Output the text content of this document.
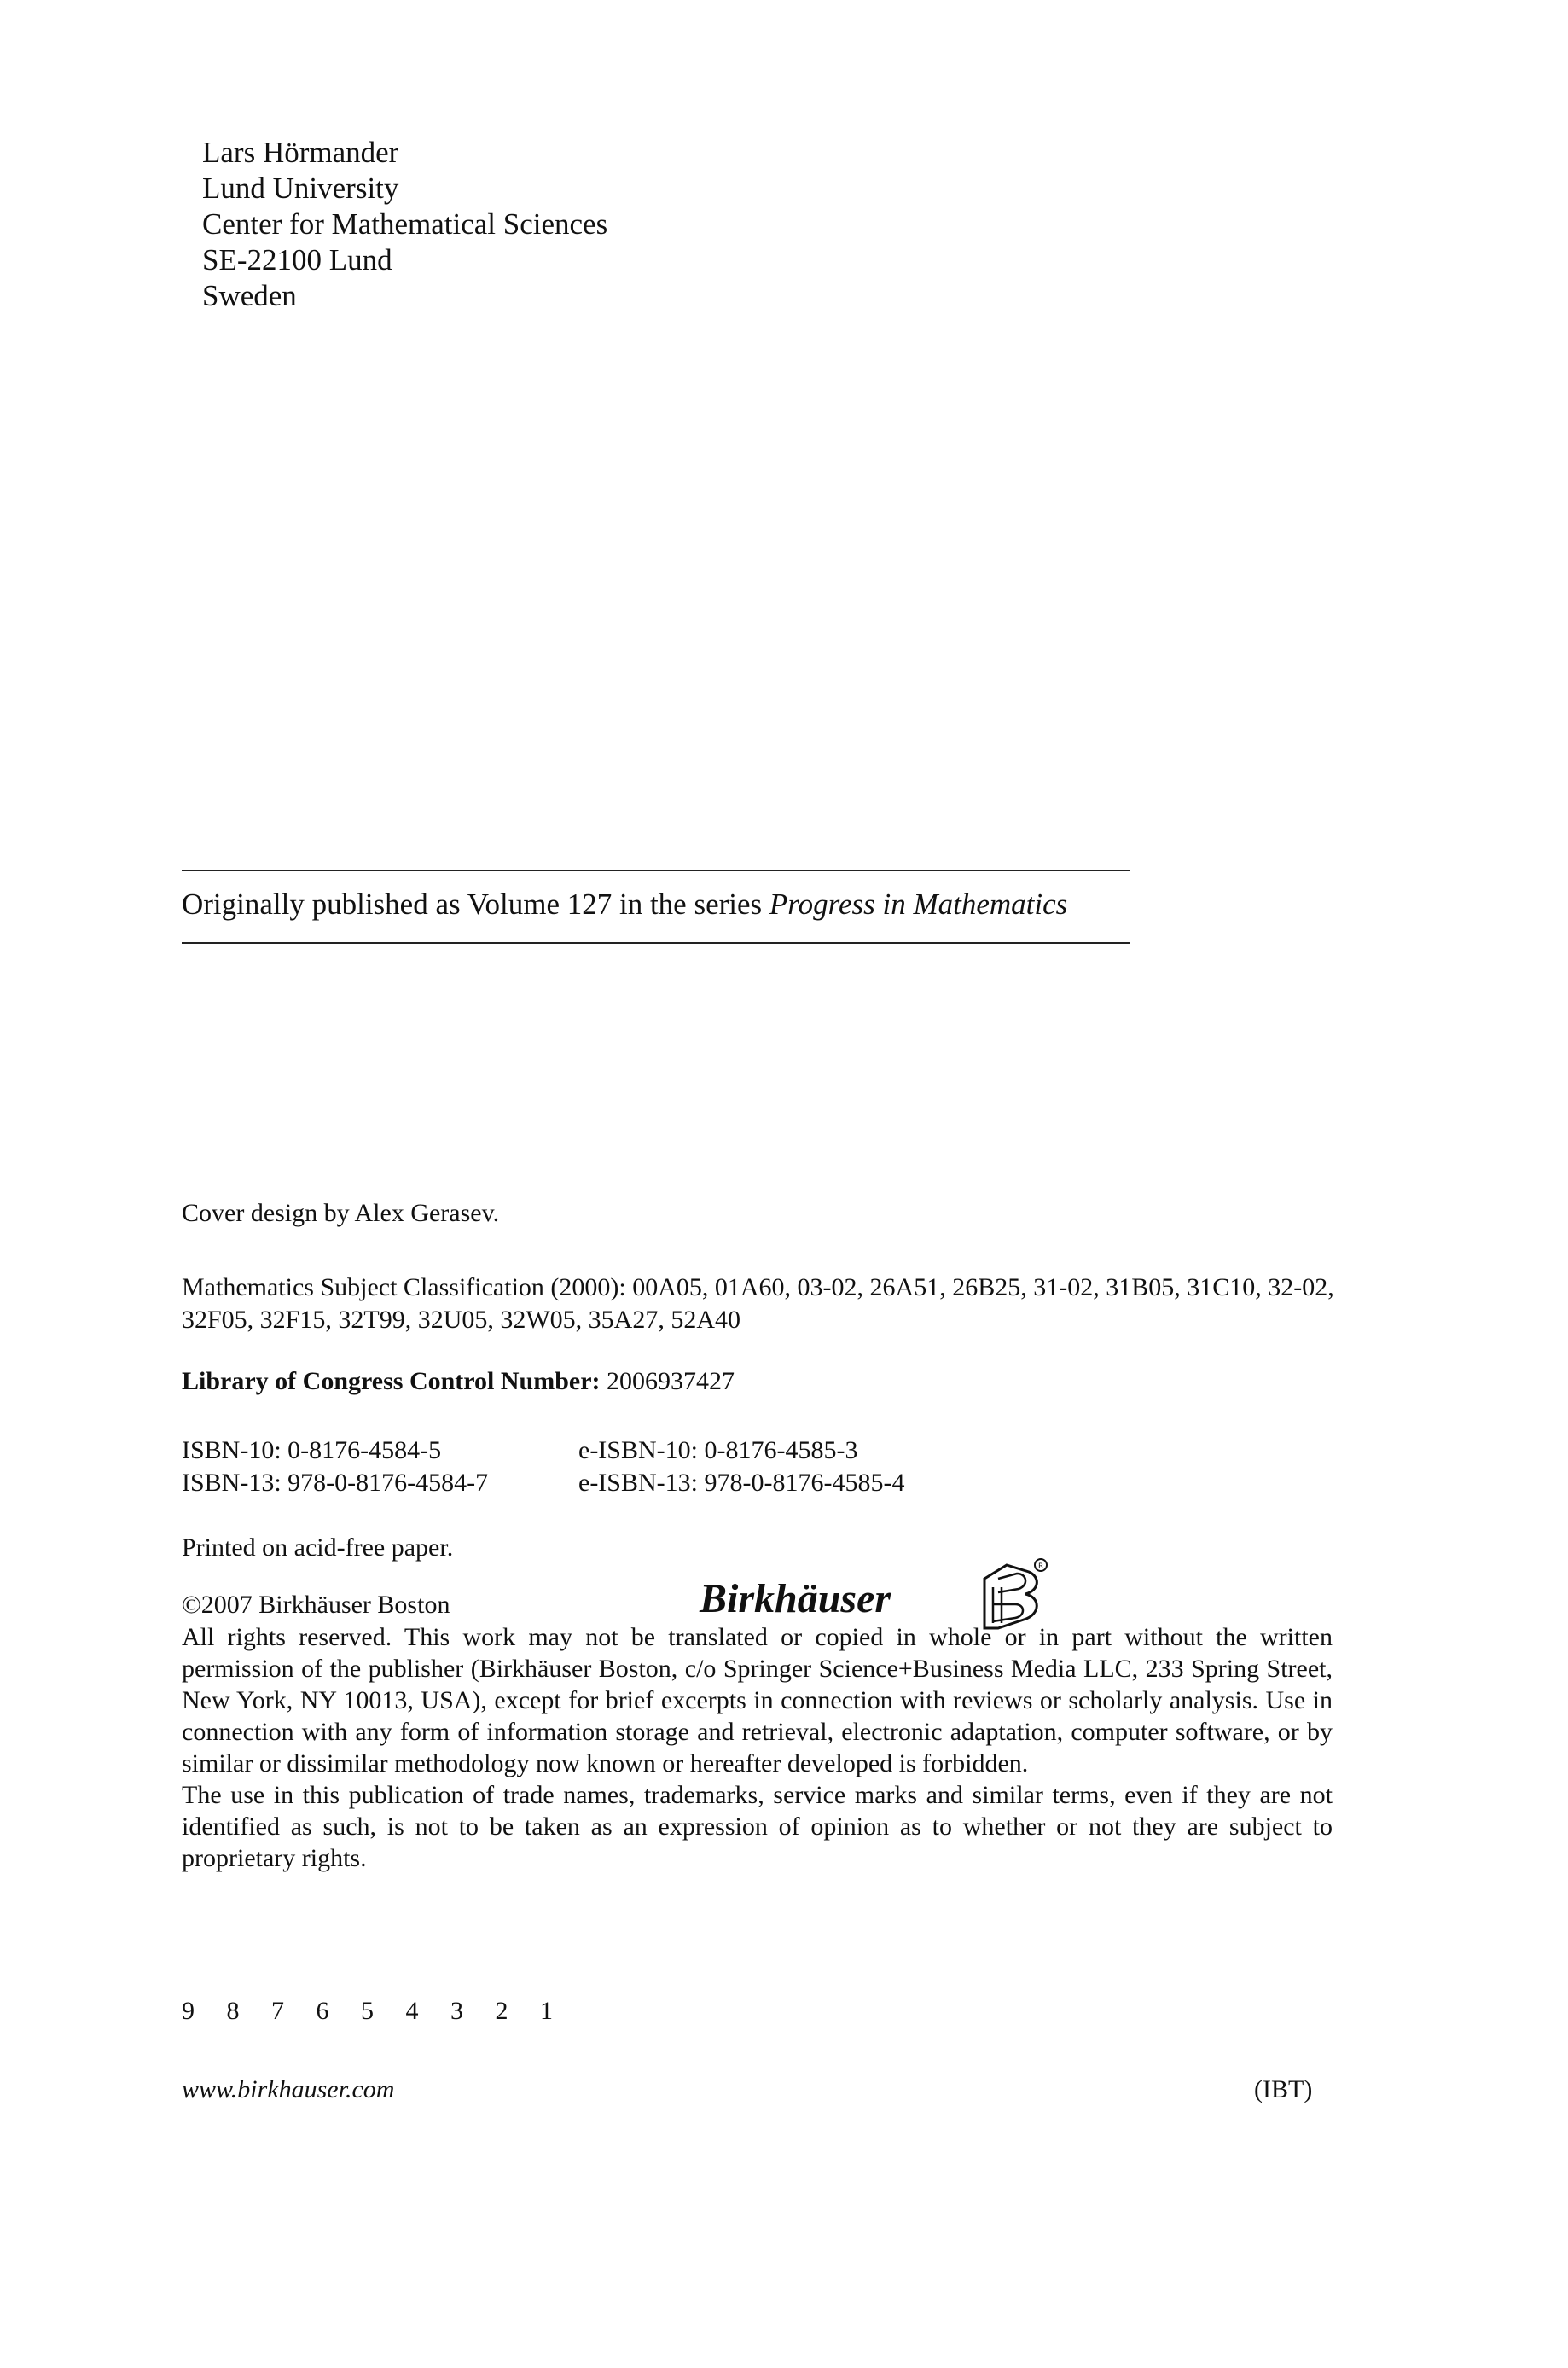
Lars Hörmander
Lund University
Center for Mathematical Sciences
SE-22100 Lund
Sweden
Originally published as Volume 127 in the series Progress in Mathematics
Cover design by Alex Gerasev.
Mathematics Subject Classification (2000): 00A05, 01A60, 03-02, 26A51, 26B25, 31-02, 31B05, 31C10, 32-02, 32F05, 32F15, 32T99, 32U05, 32W05, 35A27, 52A40
Library of Congress Control Number: 2006937427
ISBN-10: 0-8176-4584-5	e-ISBN-10: 0-8176-4585-3
ISBN-13: 978-0-8176-4584-7	e-ISBN-13: 978-0-8176-4585-4
Printed on acid-free paper.
©2007 Birkhäuser Boston	Birkhäuser
R

All rights reserved. This work may not be translated or copied in whole or in part without the written permission of the publisher (Birkhäuser Boston, c/o Springer Science+Business Media LLC, 233 Spring Street, New York, NY 10013, USA), except for brief excerpts in connection with reviews or scholarly analysis. Use in connection with any form of information storage and retrieval, electronic adaptation, computer software, or by similar or dissimilar methodology now known or hereafter developed is forbidden.

The use in this publication of trade names, trademarks, service marks and similar terms, even if they are not identified as such, is not to be taken as an expression of opinion as to whether or not they are subject to proprietary rights.

9 8 7 6 5 4 3 2 1
www.birkhauser.com	(IBT)
